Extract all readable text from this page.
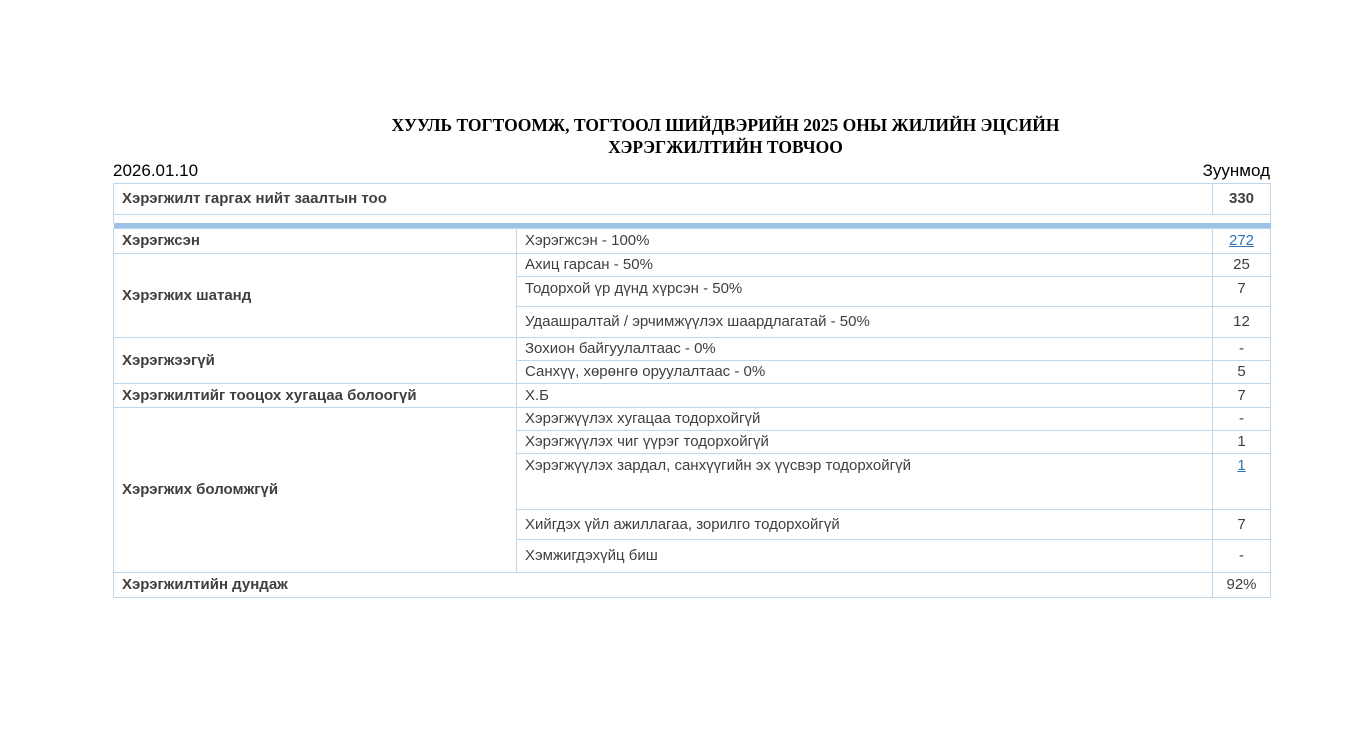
ХУУЛЬ ТОГТООМЖ, ТОГТООЛ ШИЙДВЭРИЙН 2025 ОНЫ ЖИЛИЙН ЭЦСИЙН
ХЭРЭГЖИЛТИЙН ТОВЧОО
2026.01.10	Зуунмод
Хэрэгжилт гаргах нийт заалтын тоо		330

Хэрэгжсэн	Хэрэгжсэн - 100%	272
Хэрэгжих шатанд	Ахиц гарсан - 50%	25
	Тодорхой үр дүнд хүрсэн - 50%	7
	Удаашралтай / эрчимжүүлэх шаардлагатай - 50%	12
Хэрэгжээгүй	Зохион байгуулалтаас - 0%	-
	Санхүү, хөрөнгө оруулалтаас - 0%	5
Хэрэгжилтийг тооцох хугацаа болоогүй	Х.Б	7
Хэрэгжих боломжгүй	Хэрэгжүүлэх хугацаа тодорхойгүй	-
	Хэрэгжүүлэх чиг үүрэг тодорхойгүй	1
	Хэрэгжүүлэх зардал, санхүүгийн эх үүсвэр тодорхойгүй	1
	Хийгдэх үйл ажиллагаа, зорилго тодорхойгүй	7
	Хэмжигдэхүйц биш	-
Хэрэгжилтийн дундаж		92%
